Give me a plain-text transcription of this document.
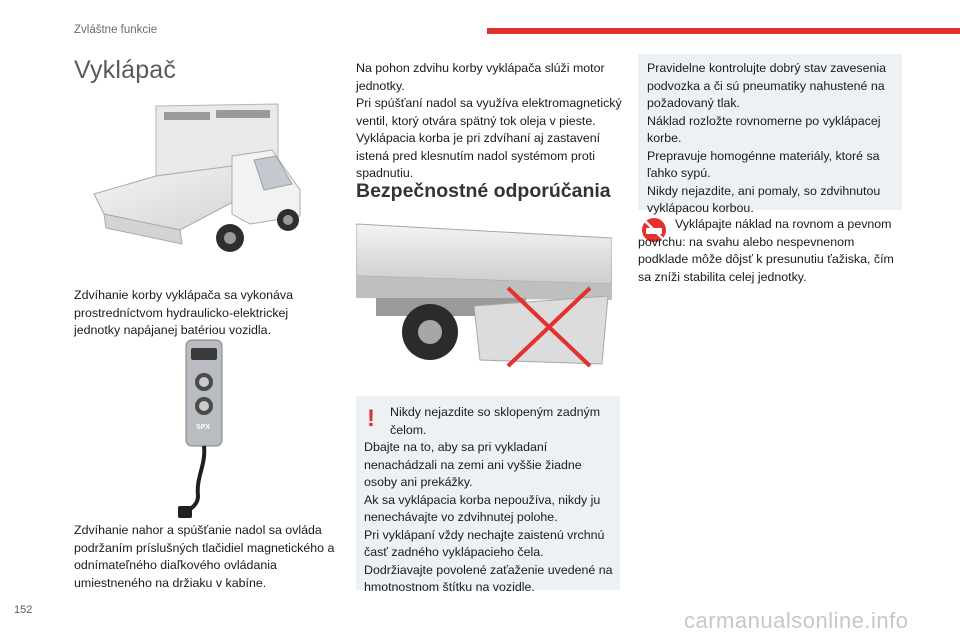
Zvláštne funkcie
Vyklápač
Zdvíhanie korby vyklápača sa vykonáva prostredníctvom hydraulicko-elektrickej jednotky napájanej batériou vozidla.
SPX
Zdvíhanie nahor a spúšťanie nadol sa ovláda podržaním príslušných tlačidiel magnetického a odnímateľného diaľkového ovládania umiestneného na držiaku v kabíne.
Na pohon zdvihu korby vyklápača slúži motor jednotky.
Pri spúšťaní nadol sa využíva elektromagnetický ventil, ktorý otvára spätný tok oleja v pieste.
Vyklápacia korba je pri zdvíhaní aj zastavení istená pred klesnutím nadol systémom proti spadnutiu.
Bezpečnostné odporúčania
! Nikdy nejazdite so sklopeným zadným čelom.
Dbajte na to, aby sa pri vykladaní nenachádzali na zemi ani vyššie žiadne osoby ani prekážky.
Ak sa vyklápacia korba nepoužíva, nikdy ju nenechávajte vo zdvihnutej polohe.
Pri vyklápaní vždy nechajte zaistenú vrchnú časť zadného vyklápacieho čela.
Dodržiavajte povolené zaťaženie uvedené na hmotnostnom štítku na vozidle.
Pravidelne kontrolujte dobrý stav zavesenia podvozka a či sú pneumatiky nahustené na požadovaný tlak.
Náklad rozložte rovnomerne po vyklápacej korbe.
Prepravuje homogénne materiály, ktoré sa ľahko sypú.
Nikdy nejazdite, ani pomaly, so zdvihnutou vyklápacou korbou.
Vyklápajte náklad na rovnom a pevnom povrchu: na svahu alebo nespevnenom podklade môže dôjsť k presunutiu ťažiska, čím sa zníži stabilita celej jednotky.
152	carmanualsonline.info
